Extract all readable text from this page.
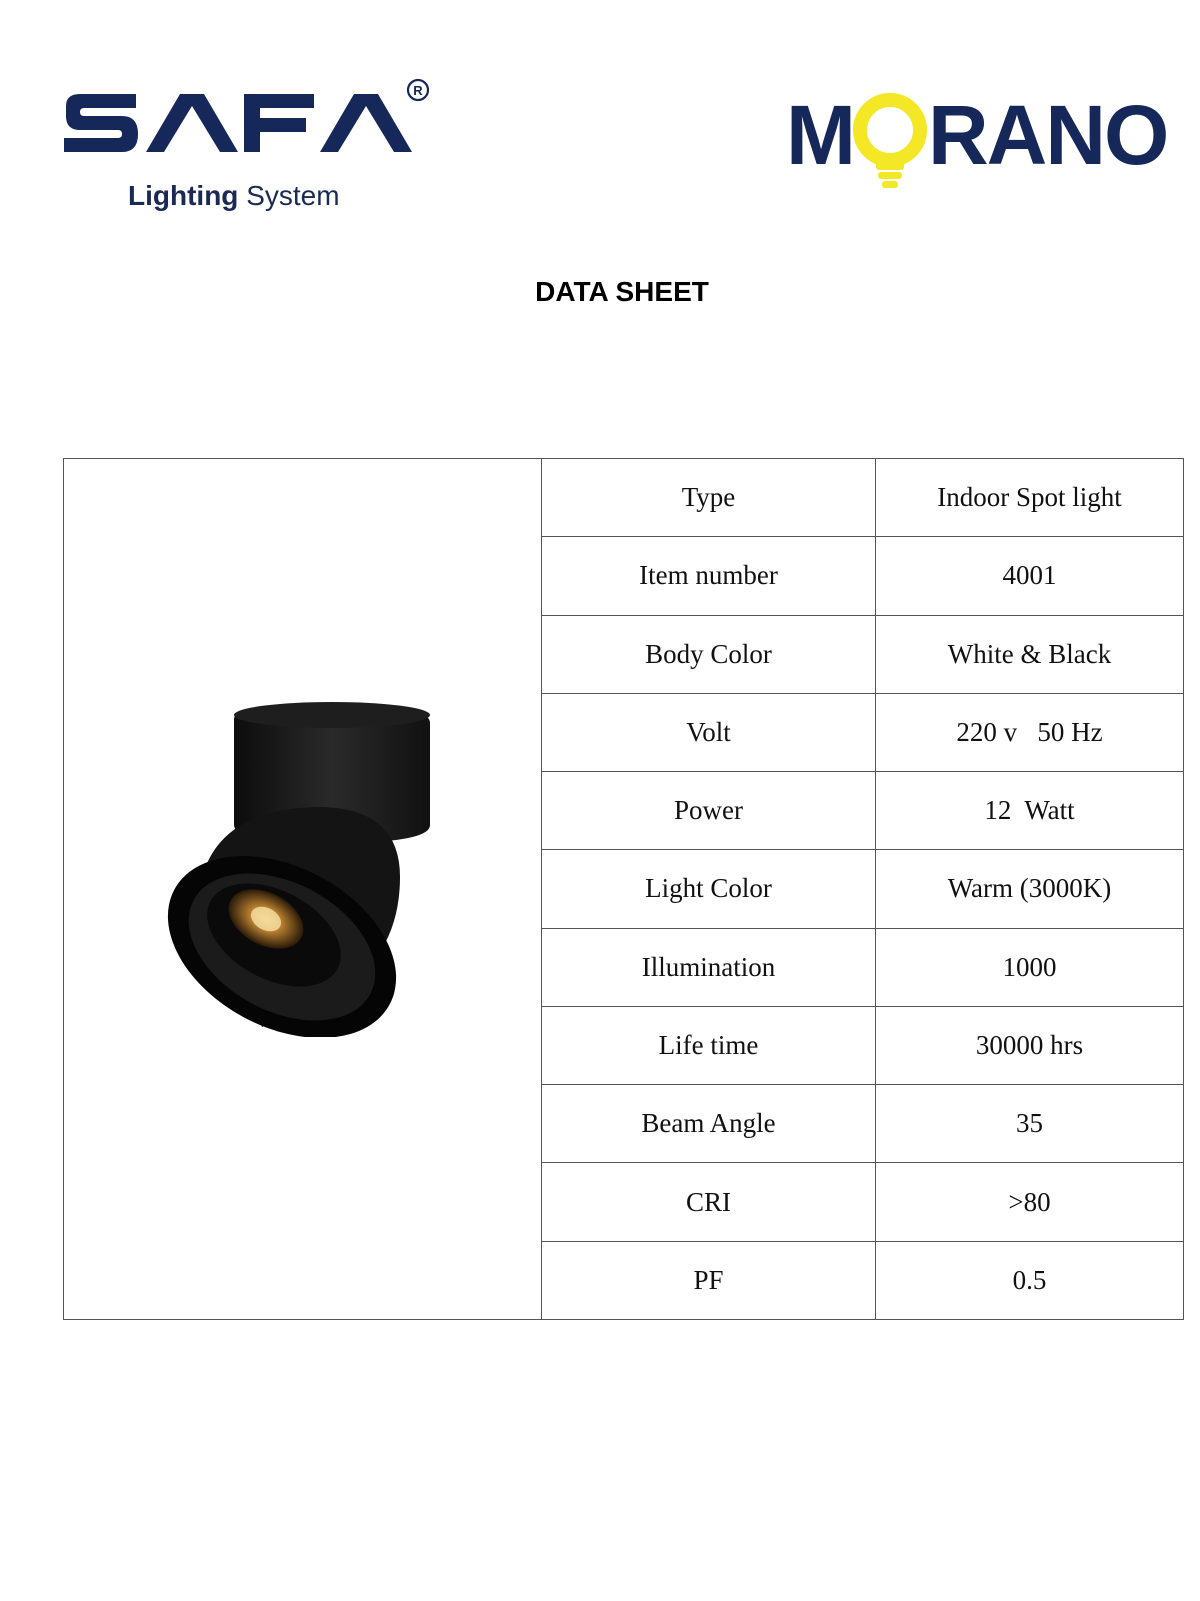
R
Lighting System
M RANO
DATA SHEET
	Type	Indoor Spot light
	Item number	4001
	Body Color	White & Black
	Volt	220 v   50 Hz
	Power	12  Watt
	Light Color	Warm (3000K)
	Illumination	1000
	Life time	30000 hrs
	Beam Angle	35
	CRI	>80
	PF	0.5
